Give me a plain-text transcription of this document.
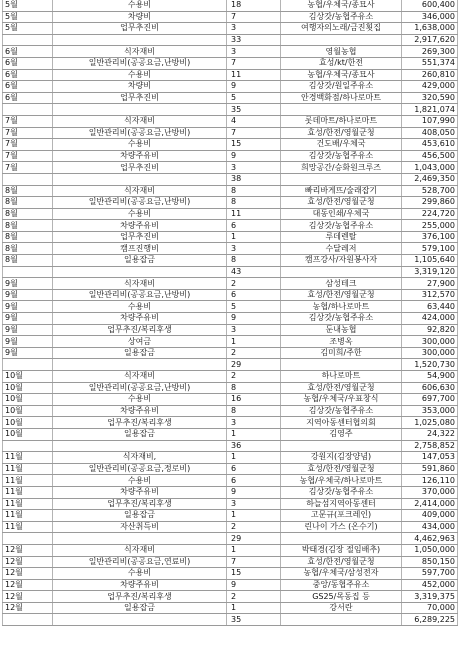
5월	수용비	18	농협/우체국/종묘사	600,400
5월	차량비	7	김상갓/농협주유소	346,000
5월	업무추진비	3	여행자의노래/금진횟집	1,638,000
		33		2,917,620
6월	식자재비	3	영월농협	269,300
6월	일반관리비(공공요금,난방비)	7	효성/kt/한전	551,374
6월	수용비	11	농협/우체국/종묘사	260,810
6월	차량비	9	김상갓/원일주유소	429,000
6월	업무추진비	5	안경백화점/하나로마트	320,590
		35		1,821,074
7월	식자재비	4	롯데마트/하나로마트	107,990
7월	일반관리비(공공요금,난방비)	7	효성/한전/영월군청	408,050
7월	수용비	15	건도배/우체국	453,610
7월	차량주유비	9	김상갓/농협주유소	456,500
7월	업무추진비	3	희망공간/승화원크루즈	1,043,000
		38		2,469,350
8월	식자재비	8	빠리바게뜨/술래잡기	528,700
8월	일반관리비(공공요금,난방비)	8	효성/한전/영월군청	299,860
8월	수용비	11	대동인쇄/우체국	224,720
8월	차량주유비	6	김상갓/농협주유소	255,000
8월	업무추진비	1	루데렌탈	376,100
8월	캠프진행비	3	수달레저	579,100
8월	일용잡금	8	캠프강사/자원봉사자	1,105,640
		43		3,319,120
9월	식자재비	2	삼성테크	27,900
9월	일반관리비(공공요금,난방비)	6	효성/한전/영월군청	312,570
9월	수용비	5	농협/하나로마트	63,440
9월	차량주유비	9	김상갓/농협주유소	424,000
9월	업무추진/복리후생	3	둔내농협	92,820
9월	상여금	1	조병옥	300,000
9월	일용잡금	2	김미희/주한	300,000
		29		1,520,730
10월	식자재비	2	하나로마트	54,900
10월	일반관리비(공공요금,난방비)	8	효성/한전/영월군청	606,630
10월	수용비	16	농협/우체국/우표창식	697,700
10월	차량주유비	8	김상갓/농협주유소	353,000
10월	업무추진/복리후생	3	지역아동센터협의회	1,025,080
10월	일용잡금	1	김영주	24,322
		36		2,758,852
11월	식자재비,	1	강원지(김장양념)	147,053
11월	일반관리비(공공요금,정로비)	6	효성/한전/영월군청	591,860
11월	수용비	6	농협/우체국/하나로마트	126,110
11월	차량주유비	9	김상갓/농협주유소	370,000
11월	업무추진/복리후생	3	하늘섬지역아동센터	2,414,000
11월	일용잡금	1	고문규(포크레인)	409,000
11월	자산취득비	2	린나이 가스 (온수기)	434,000
		29		4,462,963
12월	식자재비	1	박태경(김장 절임배추)	1,050,000
12월	일반관리비(공공요금,연료비)	7	효성/한전/영월군청	850,150
12월	수용비	15	농협/우체국/삼성전자	597,700
12월	차량주유비	9	중앙/동협주유소	452,000
12월	업무추진/복리후생	2	GS25/목동집 등	3,319,375
12월	일용잡금	1	강서란	70,000
		35		6,289,225
